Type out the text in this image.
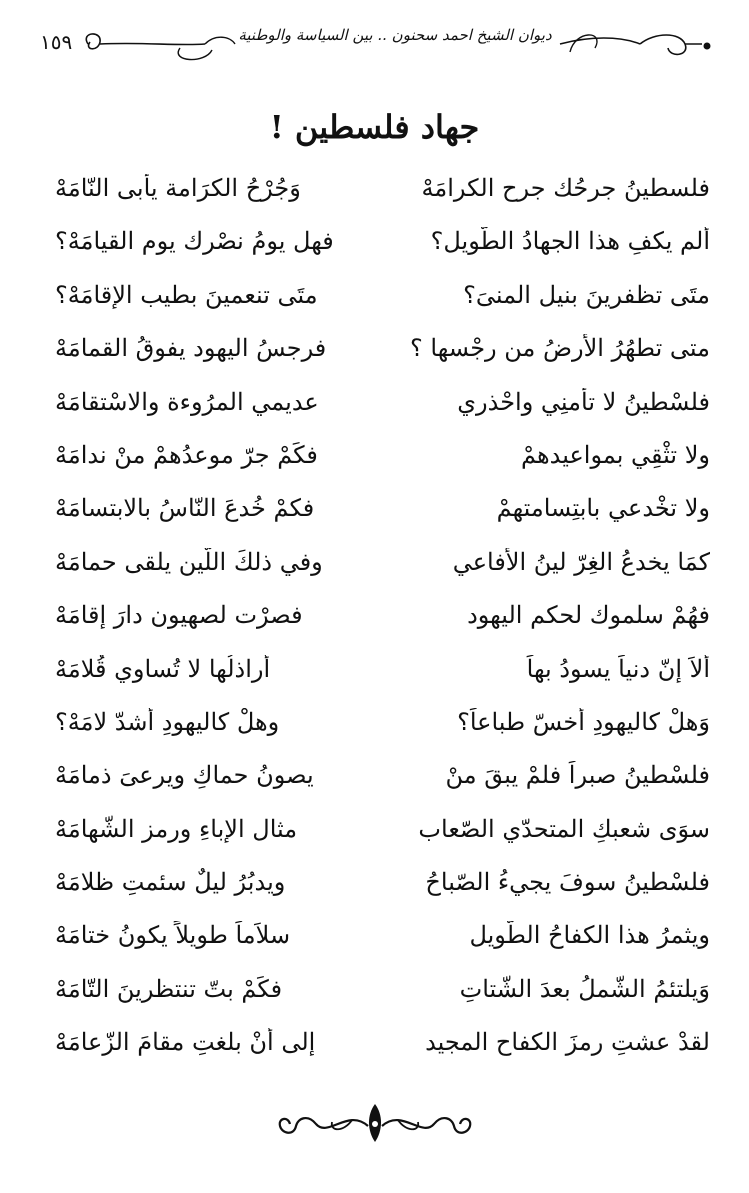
١٥٩	ديوان الشيخ احمد سحنون .. بين السياسة والوطنية
جهاد فلسطين !
فلسطينُ جرحُك جرح الكرامَهْ
وَجُرْحُ الكرَامة يأْبى النّامَهْ
أَلم يكفِ هذا الجهادُ الطّويل؟
فهل يومُ نصْرِك يوم القيامَهْ؟
متَى تظفرينَ بنيل المنىَ؟
متَى تنعمينَ بطيب الإقامَهْ؟
متى تطهُرُ الأرضُ من رجْسها ؟
فرجسُ اليهود يفوقُ القمامَهْ
فلسْطينُ لا تأمنِي واحْذري
عديمي المرُوءة والاسْتقامَهْ
ولا تثْقِي بمواعيدهمْ
فكَمْ جرّ موعدُهمْ منْ ندامَهْ
ولا تخْدعي بابتِسامتهمْ
فكمْ خُدعَ النّاسُ بالابتسامَهْ
كمَا يخدعُ الغِرّ لينُ الأفاعي
وفي ذلكَ اللّين يلقى حمامَهْ
فهُمْ سلموك لحكم اليهود
فصرْت لصهيون دارَ إقامَهْ
ألاَ إنّ دنياَ يسودُ بهاَ
أراذلُها لا تُساوي قُلامَهْ
وَهلْ كاليهودِ أخسّ طباعاً؟
وهلْ كاليهودِ أشدّ لامَهْ؟
فلسْطينُ صبراً فلمْ يبقَ منْ
يصونُ حماكِ ويرعىَ ذمامَهْ
سوَى شعبكِ المتحدّي الصّعاب
مثالِ الإباءِ ورمزِ الشّهامَهْ
فلسْطينُ سوفَ يجيءُ الصّباحُ
ويدبُرُ ليلٌ سئمتِ ظلامَهْ
ويثمرُ هذا الكفاحُ الطّويل
سلاَماً طويلاً يكونُ ختامَهْ
وَيلتئمُ الشّملُ بعدَ الشّتاتِ
فكَمْ بتّ تنتظرينَ التّامَهْ
لقدْ عشتِ رمزَ الكفاحِ المجيد
إلى أنْ بلغتِ مقامَ الزّعامَهْ
